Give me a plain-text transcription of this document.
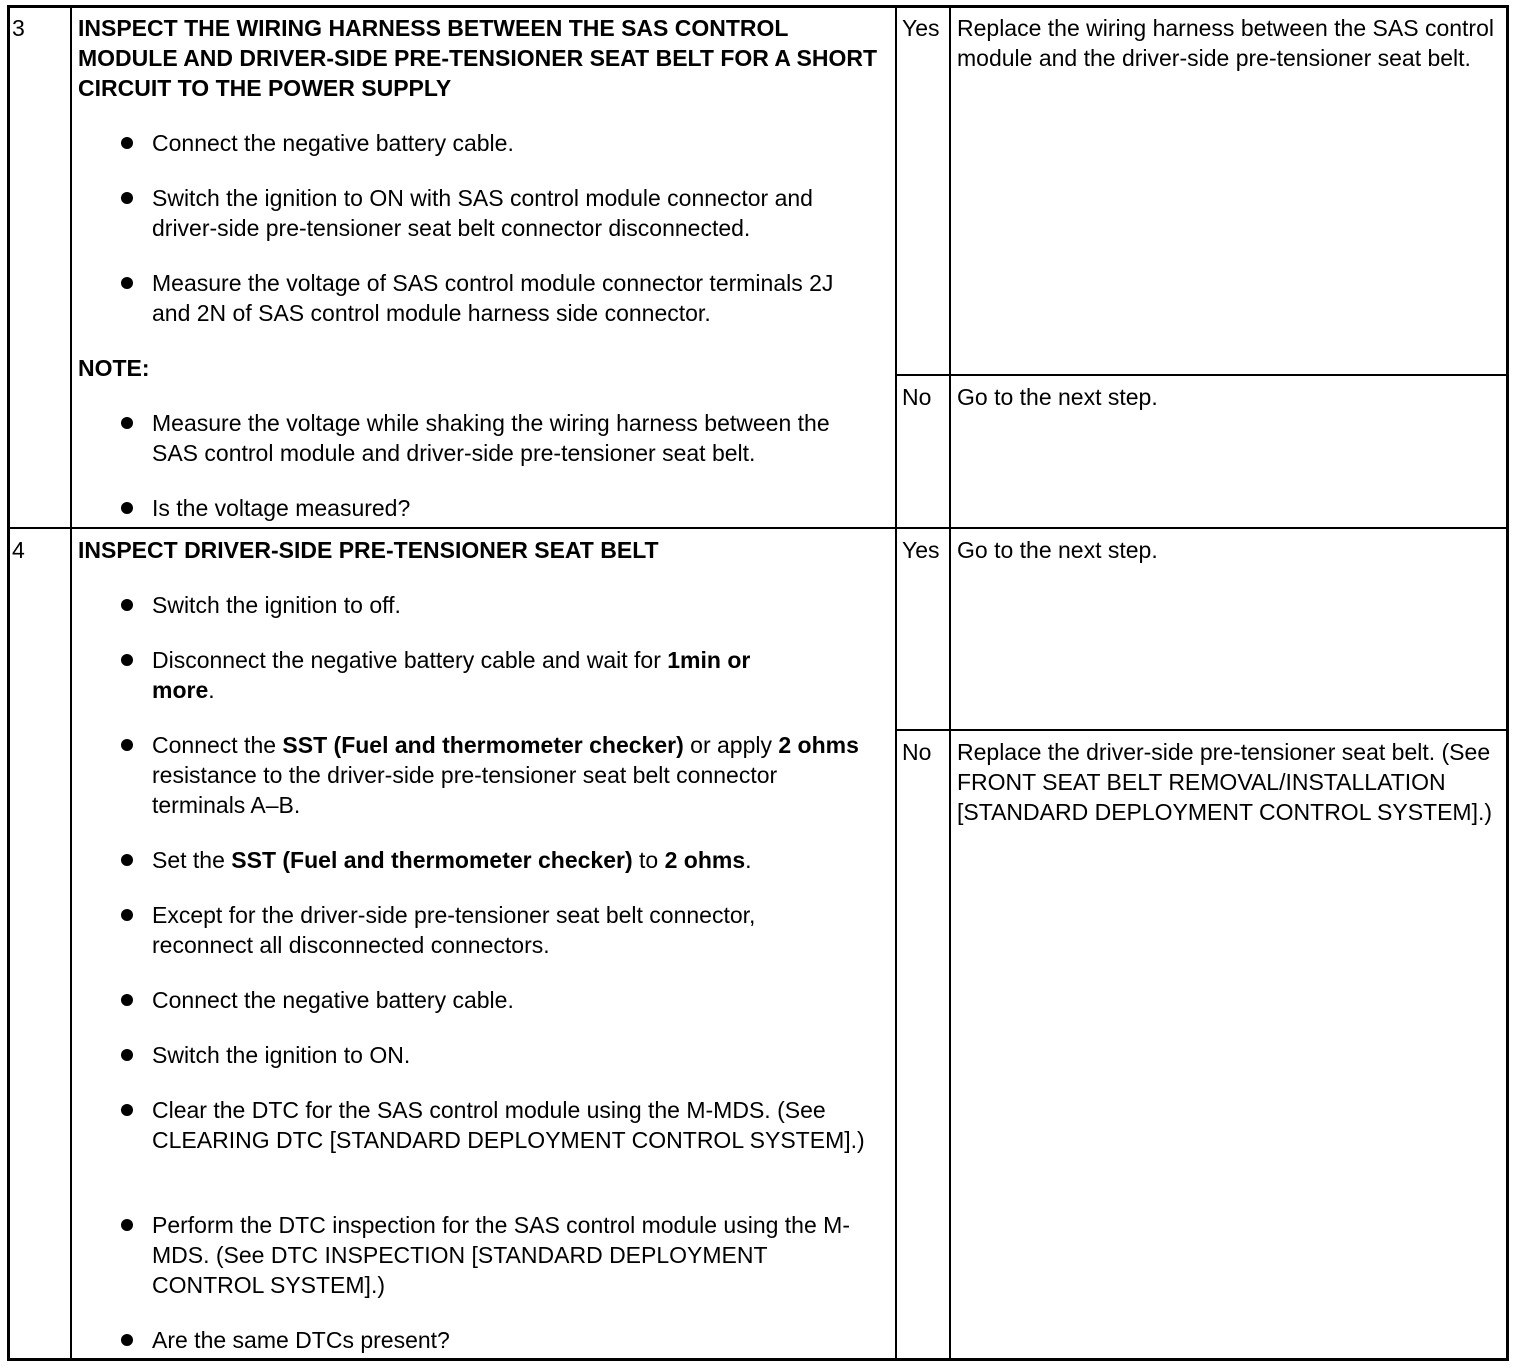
3 INSPECT THE WIRING HARNESS BETWEEN THE SAS CONTROL MODULE AND DRIVER-SIDE PRE-TENSIONER SEAT BELT FOR A SHORT CIRCUIT TO THE POWER SUPPLY
Connect the negative battery cable.
Switch the ignition to ON with SAS control module connector and driver-side pre-tensioner seat belt connector disconnected.
Measure the voltage of SAS control module connector terminals 2J and 2N of SAS control module harness side connector.
NOTE:
Measure the voltage while shaking the wiring harness between the SAS control module and driver-side pre-tensioner seat belt.
Is the voltage measured?
Yes Replace the wiring harness between the SAS control module and the driver-side pre-tensioner seat belt.
No Go to the next step.
4 INSPECT DRIVER-SIDE PRE-TENSIONER SEAT BELT
Switch the ignition to off.
Disconnect the negative battery cable and wait for 1min or more.
Connect the SST (Fuel and thermometer checker) or apply 2 ohms resistance to the driver-side pre-tensioner seat belt connector terminals A–B.
Set the SST (Fuel and thermometer checker) to 2 ohms.
Except for the driver-side pre-tensioner seat belt connector, reconnect all disconnected connectors.
Connect the negative battery cable.
Switch the ignition to ON.
Clear the DTC for the SAS control module using the M-MDS. (See CLEARING DTC [STANDARD DEPLOYMENT CONTROL SYSTEM].)
Perform the DTC inspection for the SAS control module using the M-MDS. (See DTC INSPECTION [STANDARD DEPLOYMENT CONTROL SYSTEM].)
Are the same DTCs present?
Yes Go to the next step.
No Replace the driver-side pre-tensioner seat belt. (See FRONT SEAT BELT REMOVAL/INSTALLATION [STANDARD DEPLOYMENT CONTROL SYSTEM].)
